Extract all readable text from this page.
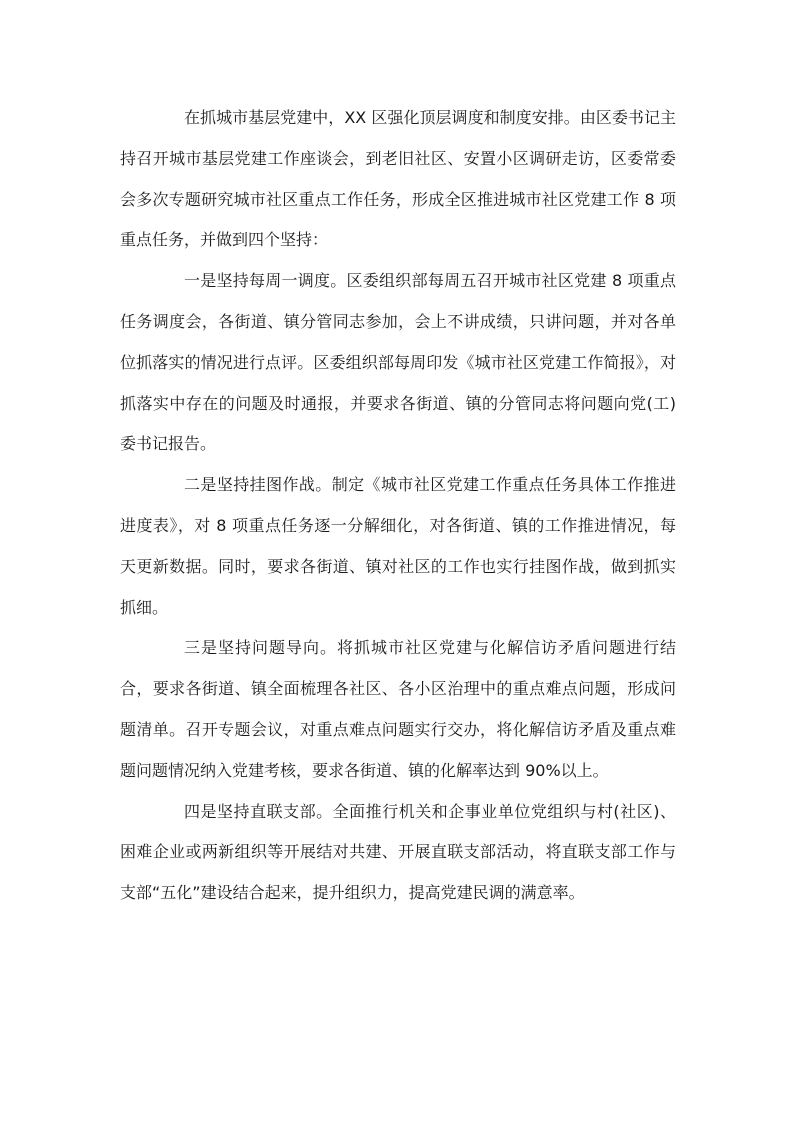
在抓城市基层党建中，XX 区强化顶层调度和制度安排。由区委书记主持召开城市基层党建工作座谈会，到老旧社区、安置小区调研走访，区委常委会多次专题研究城市社区重点工作任务，形成全区推进城市社区党建工作 8 项重点任务，并做到四个坚持：

一是坚持每周一调度。区委组织部每周五召开城市社区党建 8 项重点任务调度会，各街道、镇分管同志参加，会上不讲成绩，只讲问题，并对各单位抓落实的情况进行点评。区委组织部每周印发《城市社区党建工作简报》，对抓落实中存在的问题及时通报，并要求各街道、镇的分管同志将问题向党(工)委书记报告。

二是坚持挂图作战。制定《城市社区党建工作重点任务具体工作推进进度表》，对 8 项重点任务逐一分解细化，对各街道、镇的工作推进情况，每天更新数据。同时，要求各街道、镇对社区的工作也实行挂图作战，做到抓实抓细。

三是坚持问题导向。将抓城市社区党建与化解信访矛盾问题进行结合，要求各街道、镇全面梳理各社区、各小区治理中的重点难点问题，形成问题清单。召开专题会议，对重点难点问题实行交办，将化解信访矛盾及重点难题问题情况纳入党建考核，要求各街道、镇的化解率达到 90%以上。

四是坚持直联支部。全面推行机关和企事业单位党组织与村(社区)、困难企业或两新组织等开展结对共建、开展直联支部活动，将直联支部工作与支部“五化”建设结合起来，提升组织力，提高党建民调的满意率。
